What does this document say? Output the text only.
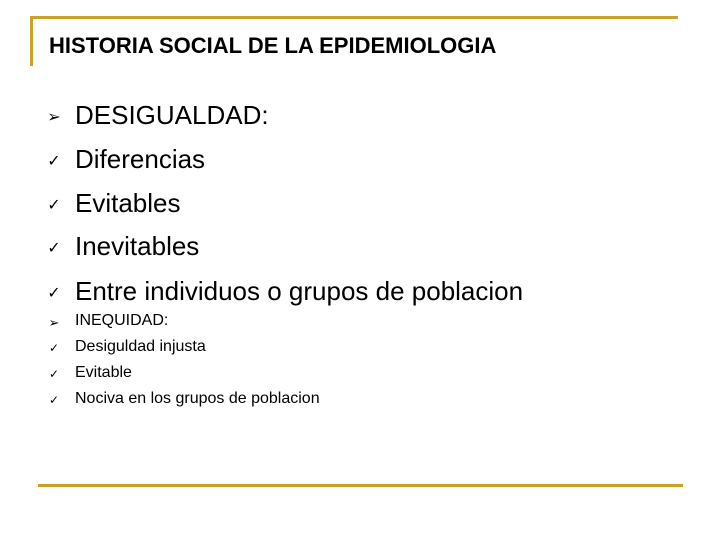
HISTORIA SOCIAL DE LA EPIDEMIOLOGIA
➢ DESIGUALDAD:
✓ Diferencias
✓ Evitables
✓ Inevitables
✓ Entre individuos o grupos de poblacion
➢ INEQUIDAD:
✓ Desiguldad injusta
✓ Evitable
✓ Nociva en los grupos de poblacion
